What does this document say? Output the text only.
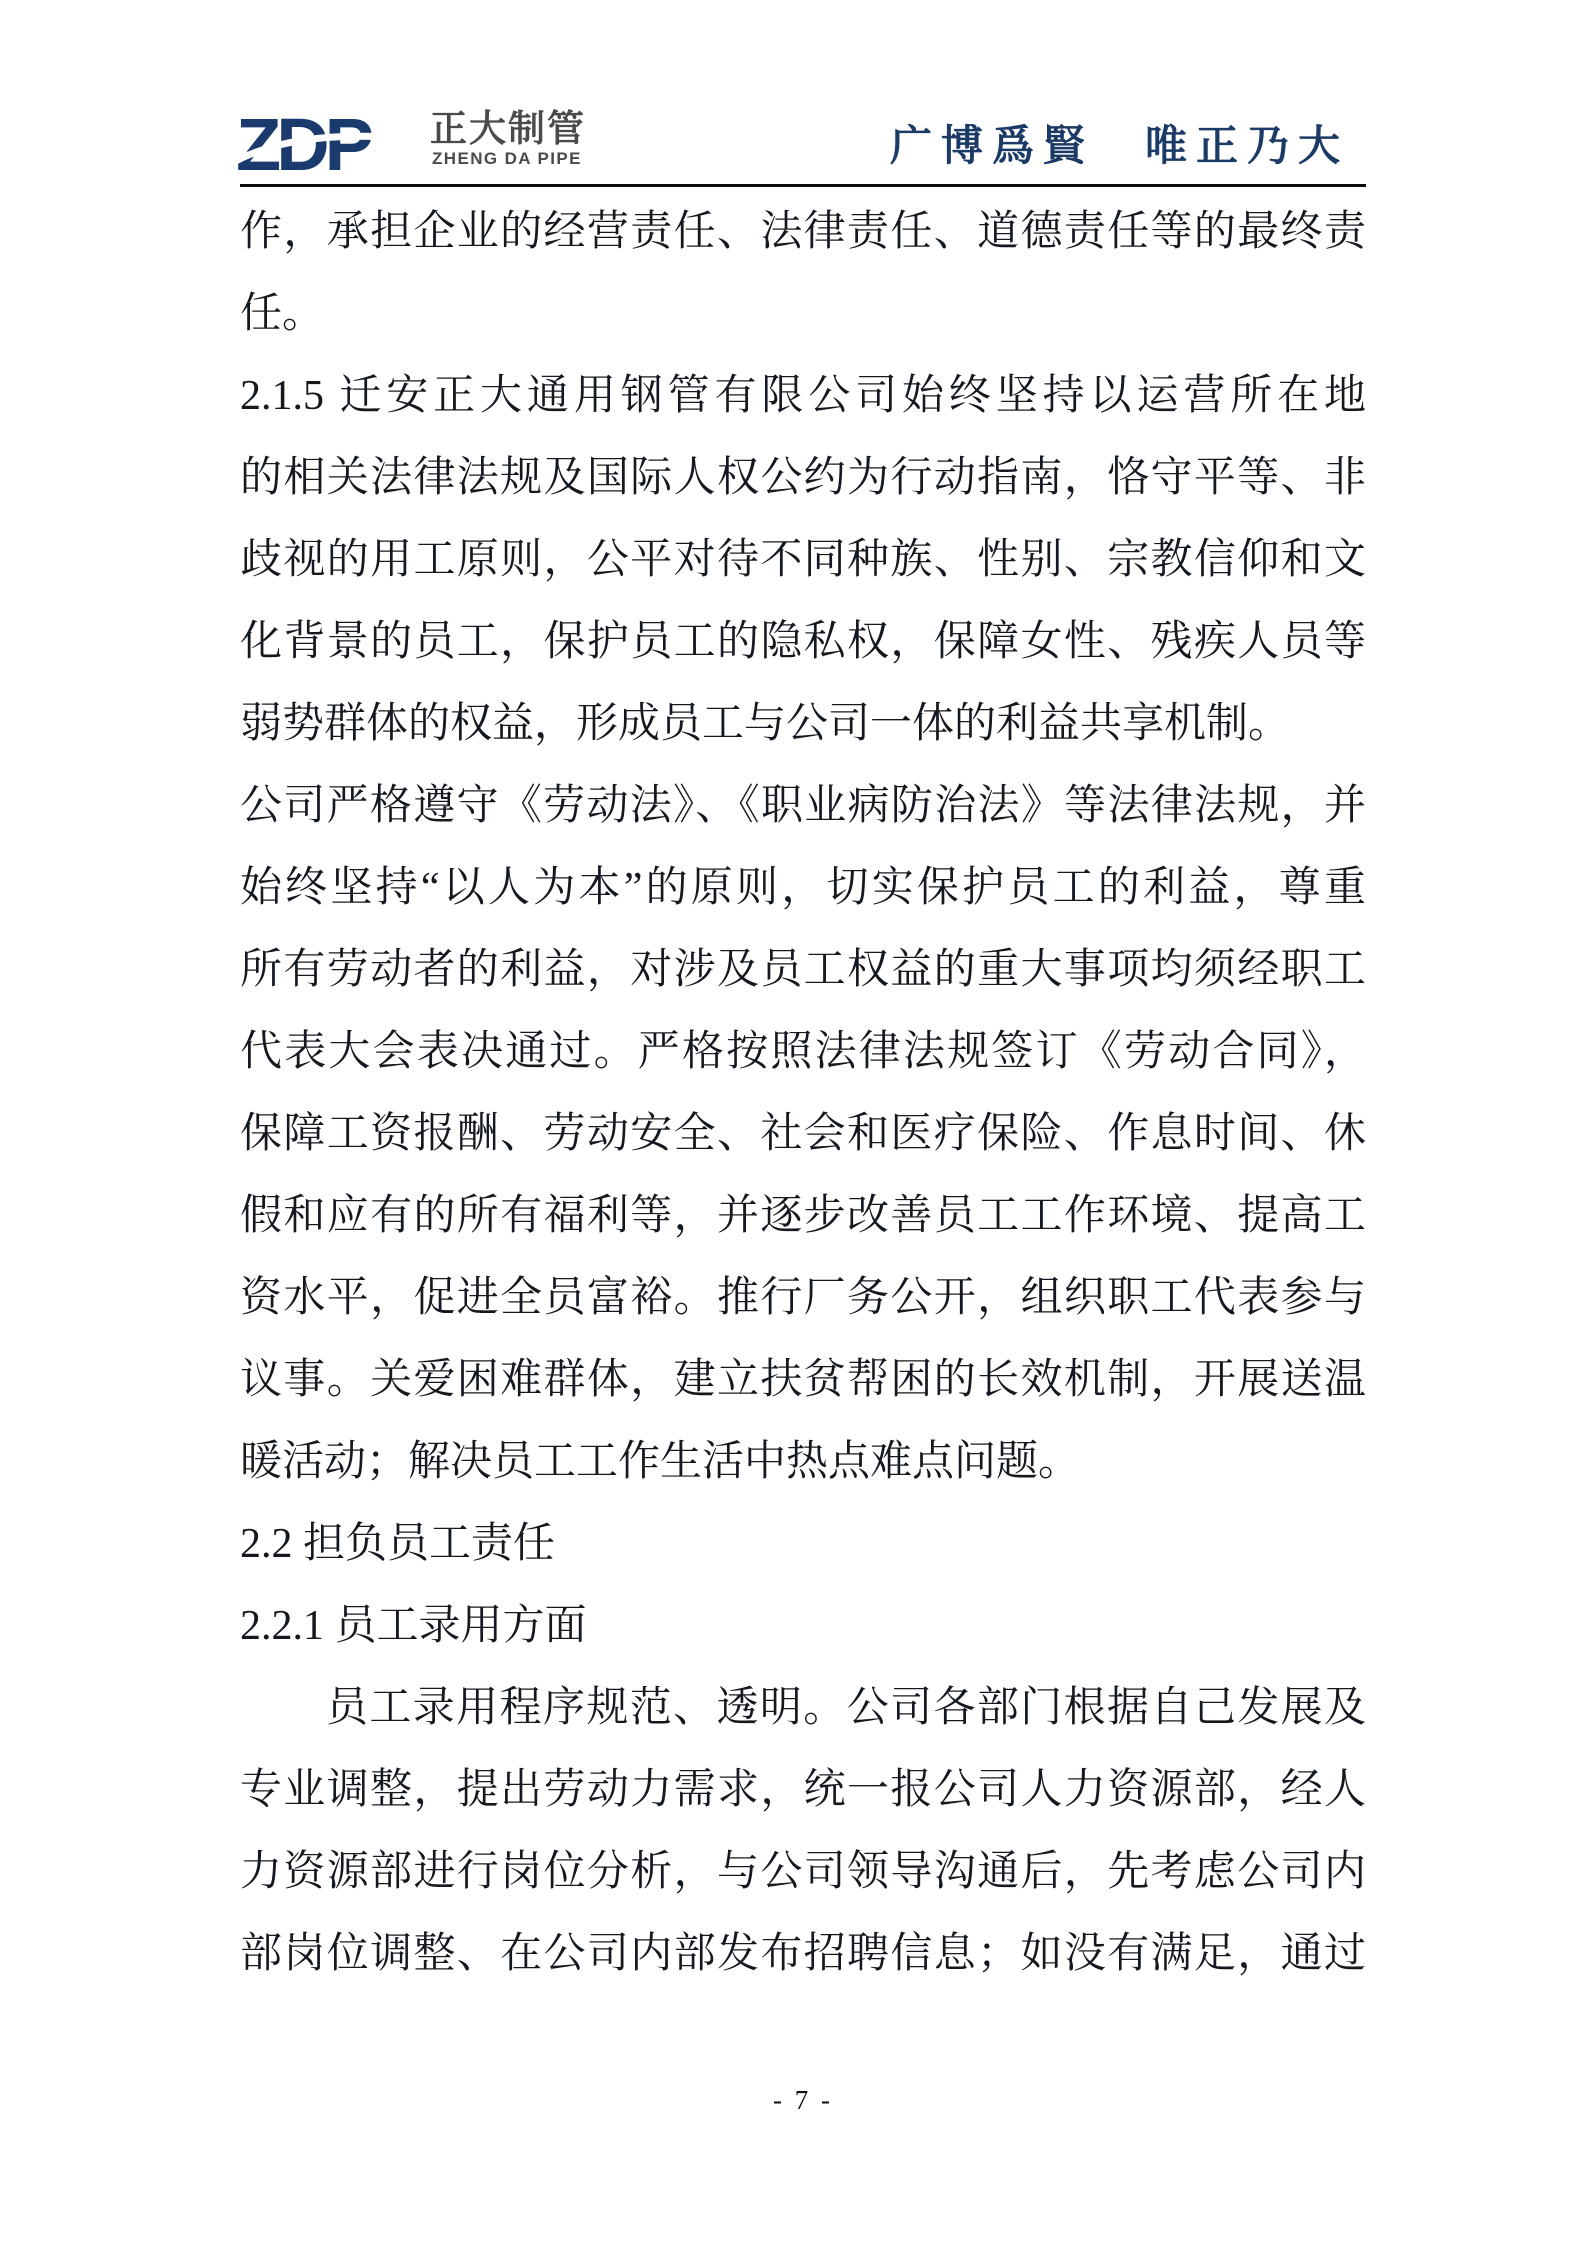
ZDP 正大制管
ZHENG DA PIPE	广博爲賢　唯正乃大
作，承担企业的经营责任、法律责任、道德责任等的最终责
任。
2.1.5 迁安正大通用钢管有限公司始终坚持以运营所在地
的相关法律法规及国际人权公约为行动指南，恪守平等、非
歧视的用工原则，公平对待不同种族、性别、宗教信仰和文
化背景的员工，保护员工的隐私权，保障女性、残疾人员等
弱势群体的权益，形成员工与公司一体的利益共享机制。
公司严格遵守《劳动法》、《职业病防治法》等法律法规，并
始终坚持“以人为本”的原则，切实保护员工的利益，尊重
所有劳动者的利益，对涉及员工权益的重大事项均须经职工
代表大会表决通过。严格按照法律法规签订《劳动合同》，
保障工资报酬、劳动安全、社会和医疗保险、作息时间、休
假和应有的所有福利等，并逐步改善员工工作环境、提高工
资水平，促进全员富裕。推行厂务公开，组织职工代表参与
议事。关爱困难群体，建立扶贫帮困的长效机制，开展送温
暖活动；解决员工工作生活中热点难点问题。
2.2 担负员工责任
2.2.1 员工录用方面
员工录用程序规范、透明。公司各部门根据自己发展及
专业调整，提出劳动力需求，统一报公司人力资源部，经人
力资源部进行岗位分析，与公司领导沟通后，先考虑公司内
部岗位调整、在公司内部发布招聘信息；如没有满足，通过
- 7 -
